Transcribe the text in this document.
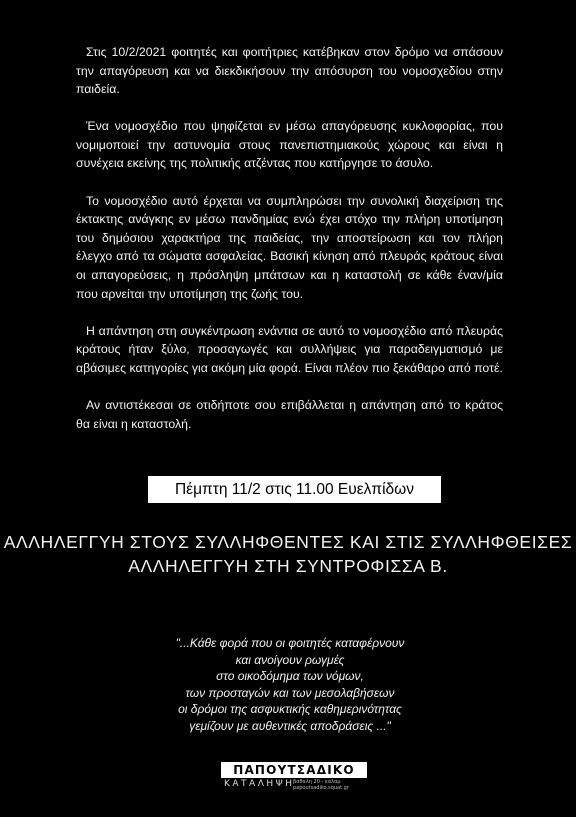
Στις 10/2/2021 φοιτητές και φοιτήτριες κατέβηκαν στον δρόμο να σπάσουν την απαγόρευση και να διεκδικήσουν την απόσυρση του νομοσχεδίου στην παιδεία.

Ένα νομοσχέδιο που ψηφίζεται εν μέσω απαγόρευσης κυκλοφορίας, που νομιμοποιεί την αστυνομία στους πανεπιστημιακούς χώρους και είναι η συνέχεια εκείνης της πολιτικής ατζέντας που κατήργησε το άσυλο.

Το νομοσχέδιο αυτό έρχεται να συμπληρώσει την συνολική διαχείριση της έκτακτης ανάγκης εν μέσω πανδημίας ενώ έχει στόχο την πλήρη υποτίμηση του δημόσιου χαρακτήρα της παιδείας, την αποστείρωση και τον πλήρη έλεγχο από τα σώματα ασφαλείας. Βασική κίνηση από πλευράς κράτους είναι οι απαγορεύσεις, η πρόσληψη μπάτσων και η καταστολή σε κάθε έναν/μία που αρνείται την υποτίμηση της ζωής του.

Η απάντηση στη συγκέντρωση ενάντια σε αυτό το νομοσχέδιο από πλευράς κράτους ήταν ξύλο, προσαγωγές και συλλήψεις για παραδειγματισμό με αβάσιμες κατηγορίες για ακόμη μία φορά. Είναι πλέον πιο ξεκάθαρο από ποτέ.

Αν αντιστέκεσαι σε οτιδήποτε σου επιβάλλεται η απάντηση από το κράτος θα είναι η καταστολή.

Πέμπτη 11/2 στις 11.00 Ευελπίδων
ΑΛΛΗΛΕΓΓΥΗ ΣΤΟΥΣ ΣΥΛΛΗΦΘΕΝΤΕΣ ΚΑΙ ΣΤΙΣ ΣΥΛΛΗΦΘΕΙΣΕΣ
ΑΛΛΗΛΕΓΓΥΗ ΣΤΗ ΣΥΝΤΡΟΦΙΣΣΑ Β.
"...Κάθε φορά που οι φοιτητές καταφέρνουν
και ανοίγουν ρωγμές
στο οικοδόμημα των νόμων,
των προσταγών και των μεσολαβήσεων
οι δρόμοι της ασφυκτικής καθημερινότητας
γεμίζουν με αυθεντικές αποδράσεις ..."
ΠΑΠΟΥΤΣΑΔΙΚΟ
ΚΑΤΑΛΗΨΗ
βαθαλη 20 - καλαμ
papoutsadiko.squat.gr
